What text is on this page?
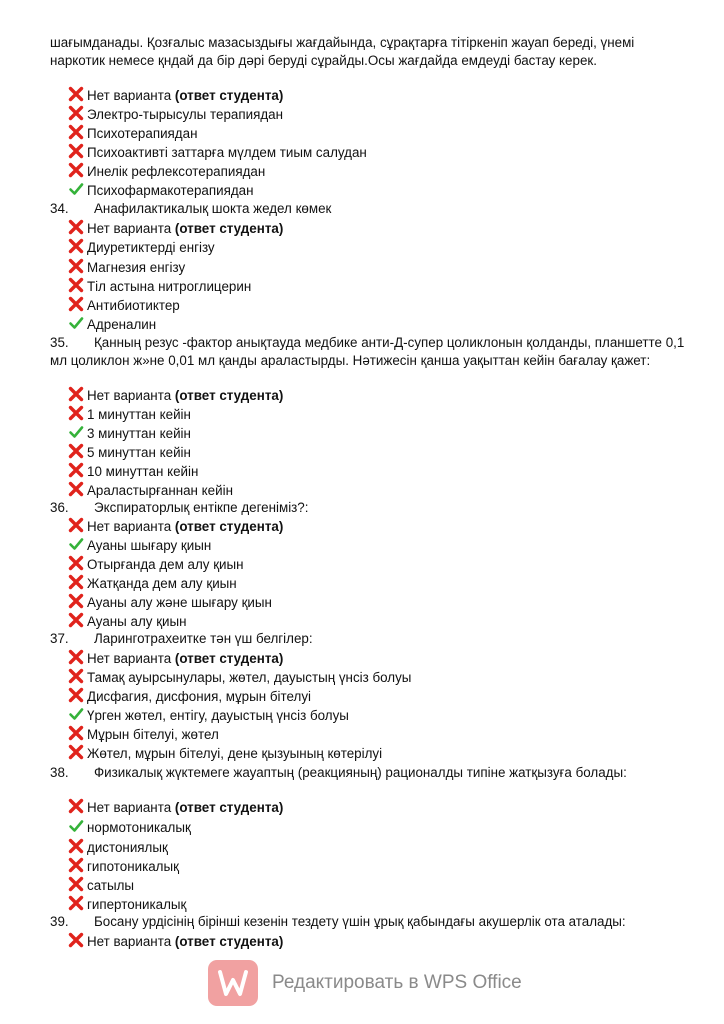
шағымданады. Қозғалыс мазасыздығы жағдайында, сұрақтарға тітіркеніп жауап береді, үнемі наркотик немесе қндай да бір дәрі беруді сұрайды.Осы жағдайда емдеуді бастау керек.
Нет варианта (ответ студента)
Электро-тырысулы терапиядан
Психотерапиядан
Психоактивті заттарға мүлдем тиым салудан
Инелік рефлексотерапиядан
Психофармакотерапиядан
34. Анафилактикалық шокта жедел көмек
Нет варианта (ответ студента)
Диуретиктерді енгізу
Магнезия енгізу
Тіл астына нитроглицерин
Антибиотиктер
Адреналин
35. Қанның резус -фактор анықтауда медбике анти-Д-супер цоликлонын қолданды, планшетте 0,1 мл цоликлон ж»не 0,01 мл қанды араластырды. Нәтижесін қанша уақыттан кейін бағалау қажет:
Нет варианта (ответ студента)
1 минуттан кейін
3 минуттан кейін
5 минуттан кейін
10 минуттан кейін
Араластырғаннан кейін
36. Экспираторлық ентікпе дегеніміз?:
Нет варианта (ответ студента)
Ауаны шығару қиын
Отырғанда дем алу қиын
Жатқанда дем алу қиын
Ауаны алу және шығару қиын
Ауаны алу қиын
37. Ларинготрахеитке тән үш белгілер:
Нет варианта (ответ студента)
Тамақ ауырсынулары, жөтел, дауыстың үнсіз болуы
Дисфагия, дисфония, мұрын бітелуі
Үрген жөтел, ентігу, дауыстың үнсіз болуы
Мұрын бітелуі, жөтел
Жөтел, мұрын бітелуі, дене қызуының көтерілуі
38. Физикалық жүктемеге жауаптың (реакцияның) рационалды типіне жатқызуға болады:
Нет варианта (ответ студента)
нормотоникалық
дистониялық
гипотоникалық
сатылы
гипертоникалық
39. Босану урдісінің бірінші кезенін тездету үшін ұрық қабындағы акушерлік ота аталады:
Нет варианта (ответ студента)
Редактировать в WPS Office
